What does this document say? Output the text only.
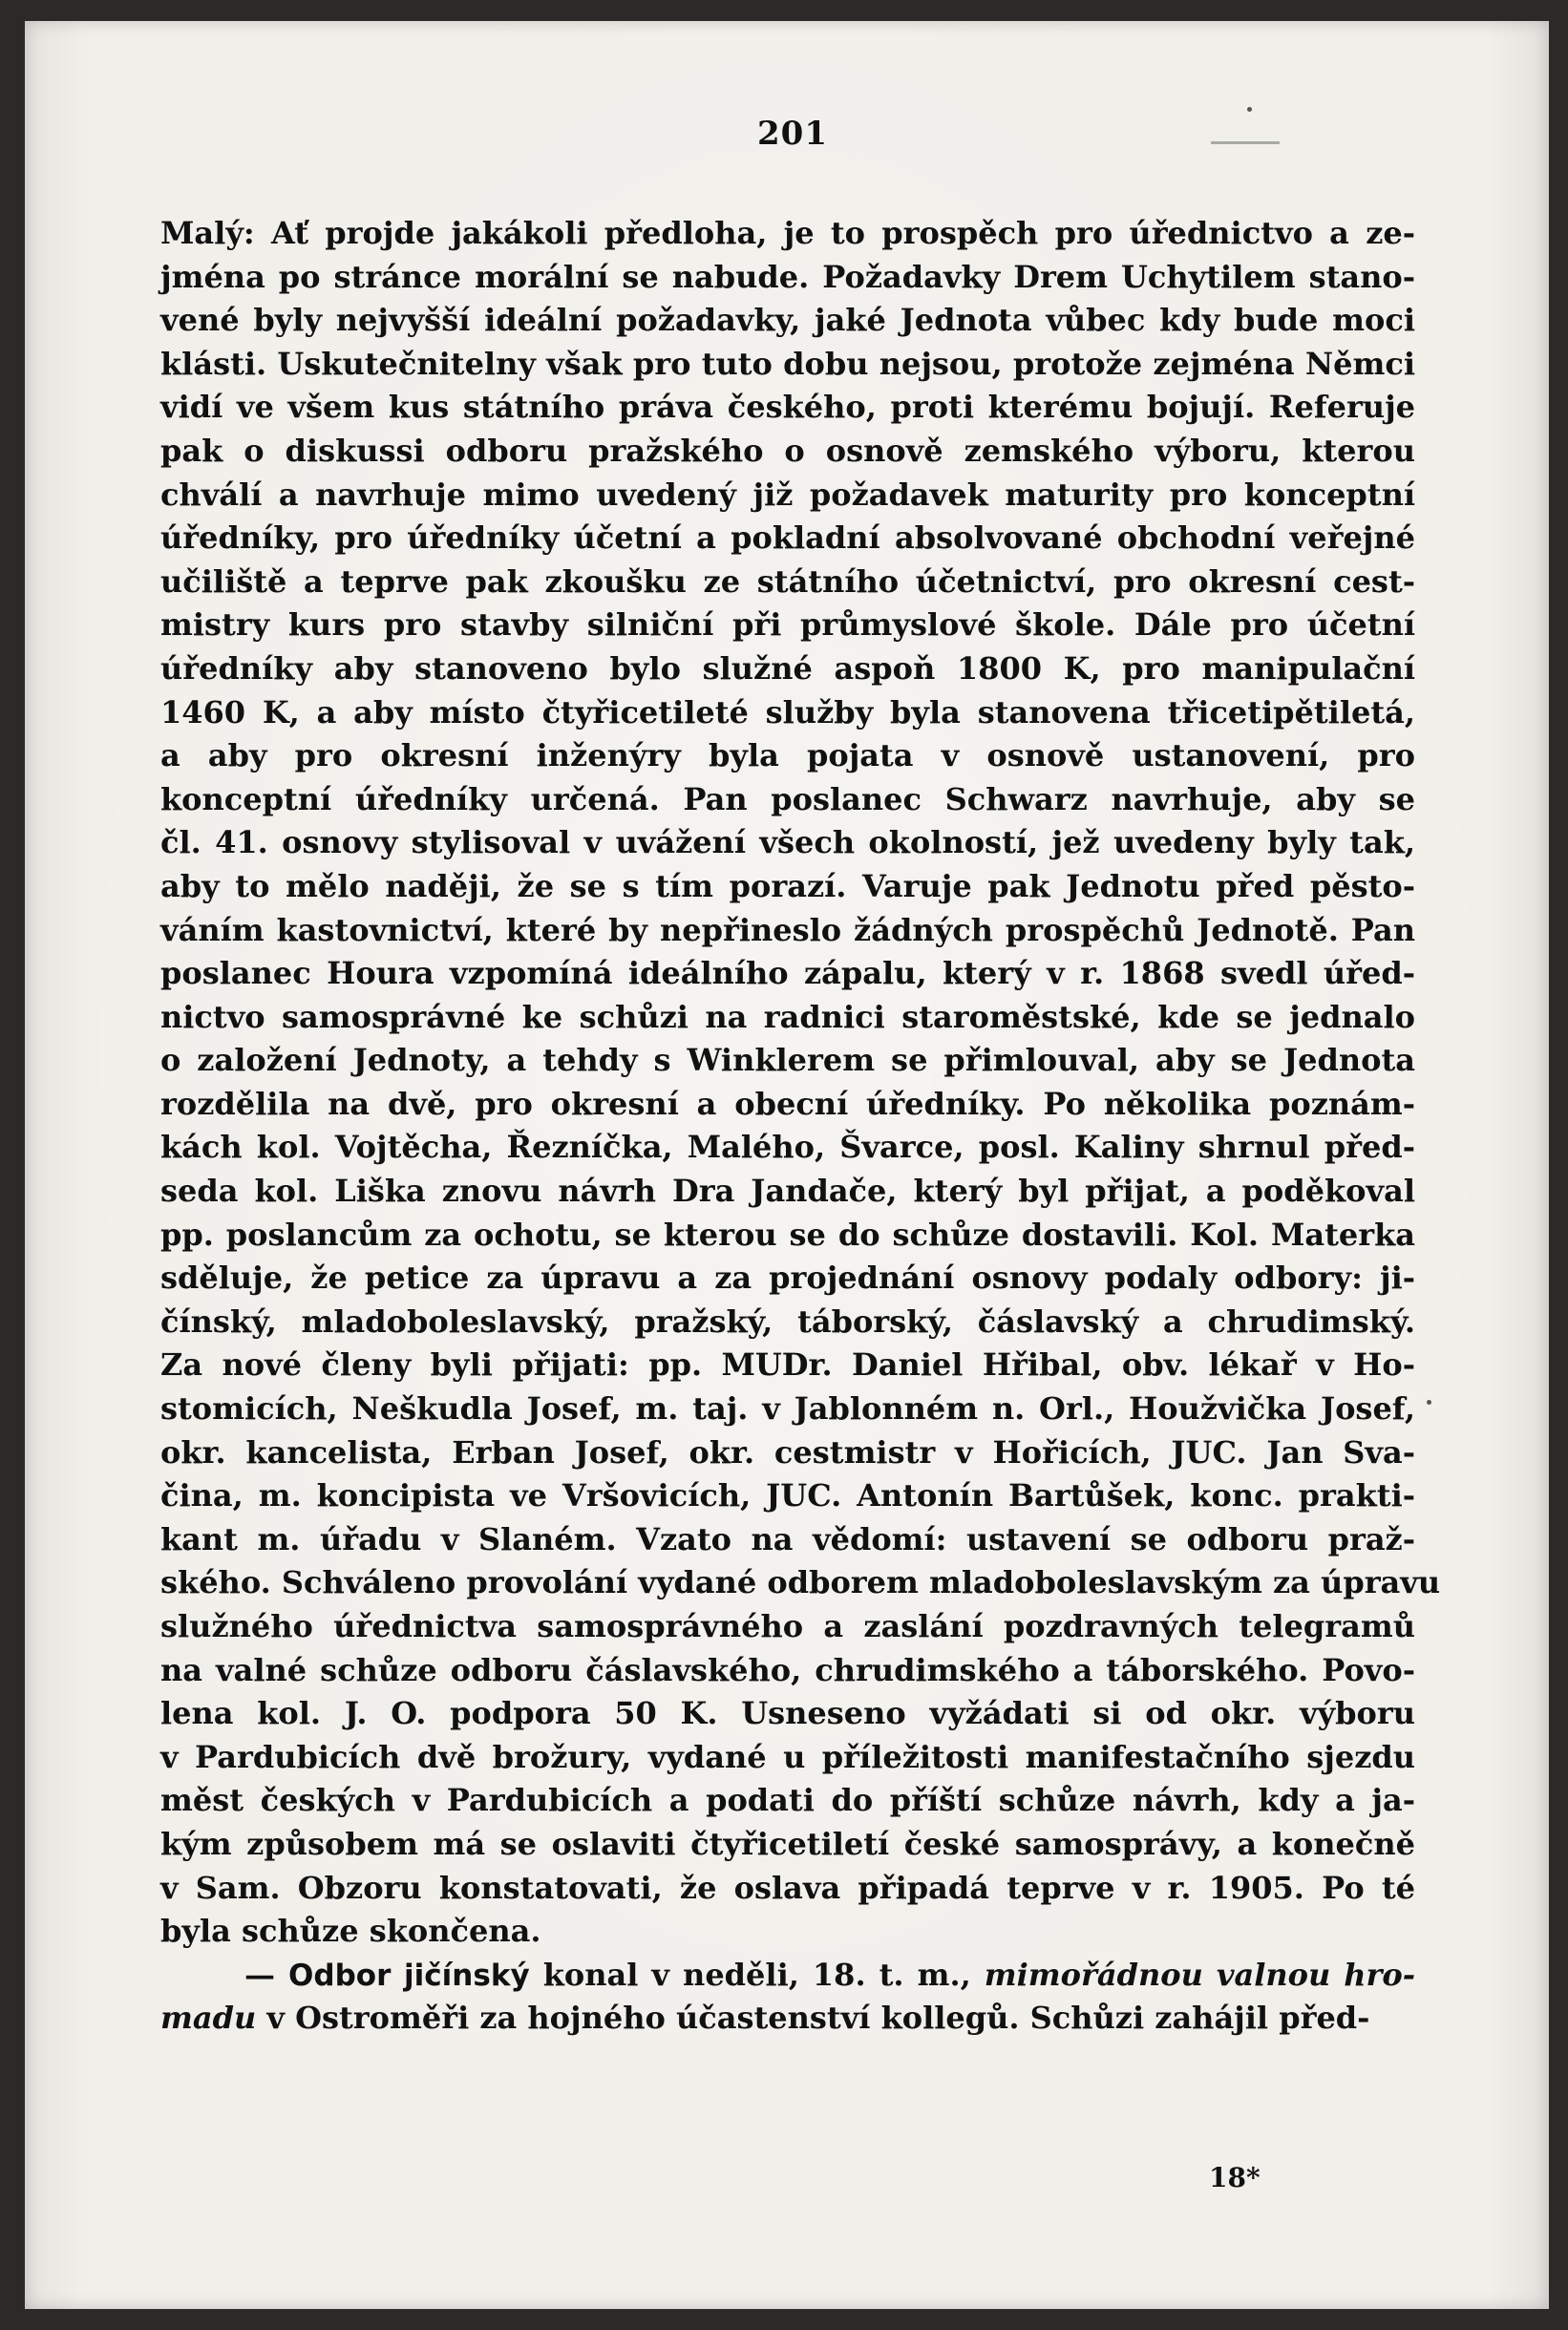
201
Malý: Ať projde jakákoli předloha, je to prospěch pro úřednictvo a ze-
jména po stránce morální se nabude. Požadavky Drem Uchytilem stano-
vené byly nejvyšší ideální požadavky, jaké Jednota vůbec kdy bude moci
klásti. Uskutečnitelny však pro tuto dobu nejsou, protože zejména Němci
vidí ve všem kus státního práva českého, proti kterému bojují. Referuje
pak o diskussi odboru pražského o osnově zemského výboru, kterou
chválí a navrhuje mimo uvedený již požadavek maturity pro konceptní
úředníky, pro úředníky účetní a pokladní absolvované obchodní veřejné
učiliště a teprve pak zkoušku ze státního účetnictví, pro okresní cest-
mistry kurs pro stavby silniční při průmyslové škole. Dále pro účetní
úředníky aby stanoveno bylo služné aspoň 1800 K, pro manipulační
1460 K, a aby místo čtyřicetileté služby byla stanovena třicetipětiletá,
a aby pro okresní inženýry byla pojata v osnově ustanovení, pro
konceptní úředníky určená. Pan poslanec Schwarz navrhuje, aby se
čl. 41. osnovy stylisoval v uvážení všech okolností, jež uvedeny byly tak,
aby to mělo naději, že se s tím porazí. Varuje pak Jednotu před pěsto-
váním kastovnictví, které by nepřineslo žádných prospěchů Jednotě. Pan
poslanec Houra vzpomíná ideálního zápalu, který v r. 1868 svedl úřed-
nictvo samosprávné ke schůzi na radnici staroměstské, kde se jednalo
o založení Jednoty, a tehdy s Winklerem se přimlouval, aby se Jednota
rozdělila na dvě, pro okresní a obecní úředníky. Po několika poznám-
kách kol. Vojtěcha, Řezníčka, Malého, Švarce, posl. Kaliny shrnul před-
seda kol. Liška znovu návrh Dra Jandače, který byl přijat, a poděkoval
pp. poslancům za ochotu, se kterou se do schůze dostavili. Kol. Materka
sděluje, že petice za úpravu a za projednání osnovy podaly odbory: ji-
čínský, mladoboleslavský, pražský, táborský, čáslavský a chrudimský.
Za nové členy byli přijati: pp. MUDr. Daniel Hřibal, obv. lékař v Ho-
stomicích, Neškudla Josef, m. taj. v Jablonném n. Orl., Houžvička Josef,
okr. kancelista, Erban Josef, okr. cestmistr v Hořicích, JUC. Jan Sva-
čina, m. koncipista ve Vršovicích, JUC. Antonín Bartůšek, konc. prakti-
kant m. úřadu v Slaném. Vzato na vědomí: ustavení se odboru praž-
ského. Schváleno provolání vydané odborem mladoboleslavským za úpravu
služného úřednictva samosprávného a zaslání pozdravných telegramů
na valné schůze odboru čáslavského, chrudimského a táborského. Povo-
lena kol. J. O. podpora 50 K. Usneseno vyžádati si od okr. výboru
v Pardubicích dvě brožury, vydané u příležitosti manifestačního sjezdu
měst českých v Pardubicích a podati do příští schůze návrh, kdy a ja-
kým způsobem má se oslaviti čtyřicetiletí české samosprávy, a konečně
v Sam. Obzoru konstatovati, že oslava připadá teprve v r. 1905. Po té
byla schůze skončena.
— Odbor jičínský konal v neděli, 18. t. m., mimořádnou valnou hro-
madu v Ostroměři za hojného účastenství kollegů. Schůzi zahájil před-
18*
